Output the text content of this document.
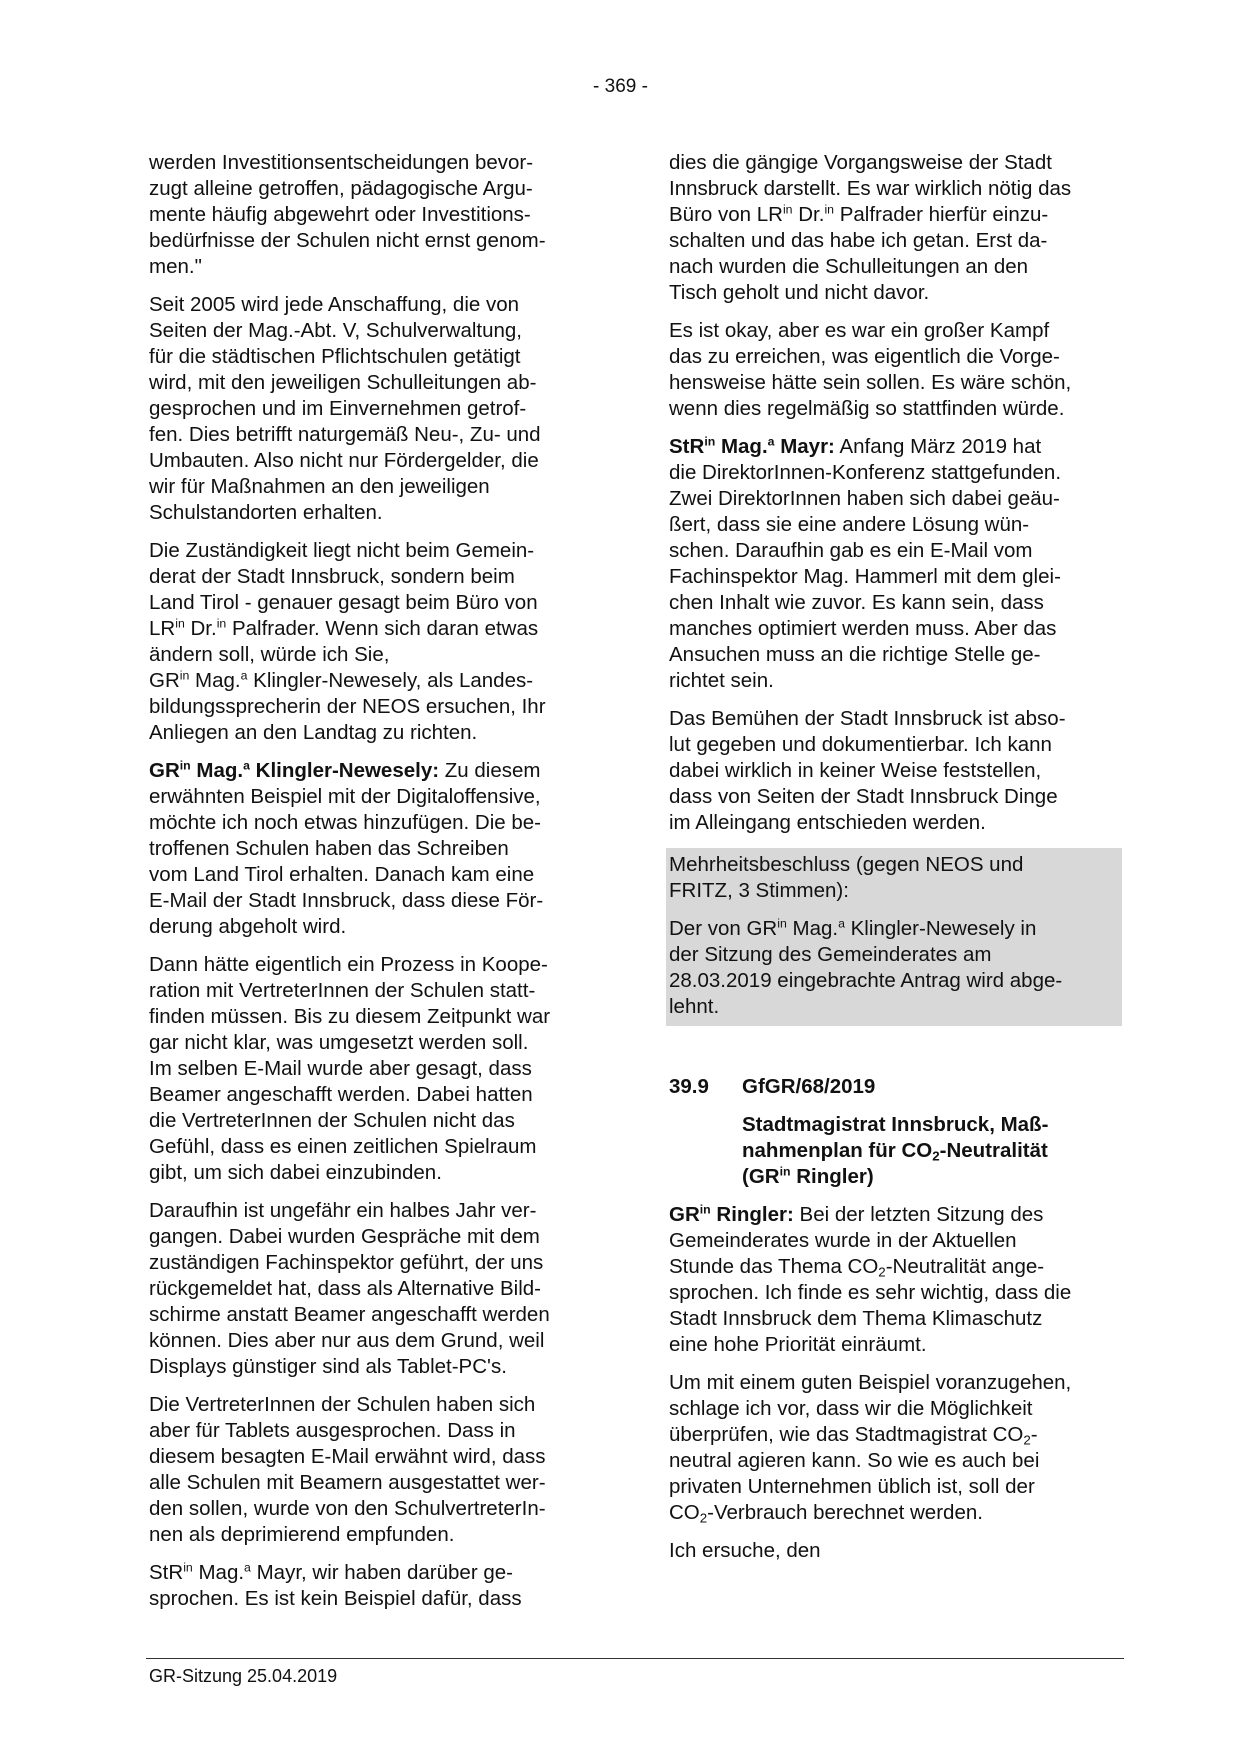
- 369 -

werden Investitionsentscheidungen bevor-
zugt alleine getroffen, pädagogische Argu-
mente häufig abgewehrt oder Investitions-
bedürfnisse der Schulen nicht ernst genom-
men."

Seit 2005 wird jede Anschaffung, die von
Seiten der Mag.-Abt. V, Schulverwaltung,
für die städtischen Pflichtschulen getätigt
wird, mit den jeweiligen Schulleitungen ab-
gesprochen und im Einvernehmen getrof-
fen. Dies betrifft naturgemäß Neu-, Zu- und
Umbauten. Also nicht nur Fördergelder, die
wir für Maßnahmen an den jeweiligen
Schulstandorten erhalten.

Die Zuständigkeit liegt nicht beim Gemein-
derat der Stadt Innsbruck, sondern beim
Land Tirol - genauer gesagt beim Büro von
$LR^{in}$ Dr.$^{in}$ Palfrader. Wenn sich daran etwas
ändern soll, würde ich Sie,
$GR^{in}$ Mag.$^a$ Klingler-Newesely, als Landes-
bildungssprecherin der NEOS ersuchen, Ihr
Anliegen an den Landtag zu richten.

$GR^{in}$ Mag.$^a$ Klingler-Newesely: Zu diesem
erwähnten Beispiel mit der Digitaloffensive,
möchte ich noch etwas hinzufügen. Die be-
troffenen Schulen haben das Schreiben
vom Land Tirol erhalten. Danach kam eine
E-Mail der Stadt Innsbruck, dass diese För-
derung abgeholt wird.

Dann hätte eigentlich ein Prozess in Koope-
ration mit VertreterInnen der Schulen statt-
finden müssen. Bis zu diesem Zeitpunkt war
gar nicht klar, was umgesetzt werden soll.
Im selben E-Mail wurde aber gesagt, dass
Beamer angeschafft werden. Dabei hatten
die VertreterInnen der Schulen nicht das
Gefühl, dass es einen zeitlichen Spielraum
gibt, um sich dabei einzubinden.

Daraufhin ist ungefähr ein halbes Jahr ver-
gangen. Dabei wurden Gespräche mit dem
zuständigen Fachinspektor geführt, der uns
rückgemeldet hat, dass als Alternative Bild-
schirme anstatt Beamer angeschafft werden
können. Dies aber nur aus dem Grund, weil
Displays günstiger sind als Tablet-PC's.

Die VertreterInnen der Schulen haben sich
aber für Tablets ausgesprochen. Dass in
diesem besagten E-Mail erwähnt wird, dass
alle Schulen mit Beamern ausgestattet wer-
den sollen, wurde von den SchulvertreterIn-
nen als deprimierend empfunden.

StR$^{in}$ Mag.$^a$ Mayr, wir haben darüber ge-
sprochen. Es ist kein Beispiel dafür, dass

dies die gängige Vorgangsweise der Stadt
Innsbruck darstellt. Es war wirklich nötig das
Büro von $LR^{in}$ Dr.$^{in}$ Palfrader hierfür einzu-
schalten und das habe ich getan. Erst da-
nach wurden die Schulleitungen an den
Tisch geholt und nicht davor.

Es ist okay, aber es war ein großer Kampf
das zu erreichen, was eigentlich die Vorge-
hensweise hätte sein sollen. Es wäre schön,
wenn dies regelmäßig so stattfinden würde.

StR$^{in}$ Mag.$^a$ Mayr: Anfang März 2019 hat
die DirektorInnen-Konferenz stattgefunden.
Zwei DirektorInnen haben sich dabei geäu-
ßert, dass sie eine andere Lösung wün-
schen. Daraufhin gab es ein E-Mail vom
Fachinspektor Mag. Hammerl mit dem glei-
chen Inhalt wie zuvor. Es kann sein, dass
manches optimiert werden muss. Aber das
Ansuchen muss an die richtige Stelle ge-
richtet sein.

Das Bemühen der Stadt Innsbruck ist abso-
lut gegeben und dokumentierbar. Ich kann
dabei wirklich in keiner Weise feststellen,
dass von Seiten der Stadt Innsbruck Dinge
im Alleingang entschieden werden.

Mehrheitsbeschluss (gegen NEOS und
FRITZ, 3 Stimmen):

Der von $GR^{in}$ Mag.$^a$ Klingler-Newesely in
der Sitzung des Gemeinderates am
28.03.2019 eingebrachte Antrag wird abge-
lehnt.

39.9 GfGR/68/2019
Stadtmagistrat Innsbruck, Maß-
nahmenplan für $CO_2$-Neutralität
($GR^{in}$ Ringler)

$GR^{in}$ Ringler: Bei der letzten Sitzung des
Gemeinderates wurde in der Aktuellen
Stunde das Thema $CO_2$-Neutralität ange-
sprochen. Ich finde es sehr wichtig, dass die
Stadt Innsbruck dem Thema Klimaschutz
eine hohe Priorität einräumt.

Um mit einem guten Beispiel voranzugehen,
schlage ich vor, dass wir die Möglichkeit
überprüfen, wie das Stadtmagistrat $CO_2-$
neutral agieren kann. So wie es auch bei
privaten Unternehmen üblich ist, soll der
$CO_2$-Verbrauch berechnet werden.

Ich ersuche, den

GR-Sitzung 25.04.2019
